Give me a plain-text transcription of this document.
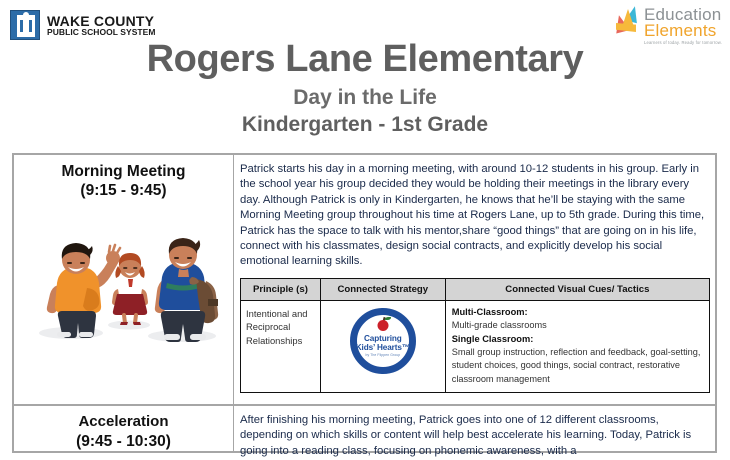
WAKE COUNTY
PUBLIC SCHOOL SYSTEM
Education
Elements
Learners of today. Ready for tomorrow.
Rogers Lane Elementary
Day in the Life
Kindergarten - 1st Grade
Morning Meeting
(9:15 - 9:45)
Patrick starts his day in a morning meeting, with around 10-12 students in his group. Early in the school year his group decided they would be holding their meetings in the library every day. Although Patrick is only in Kindergarten, he knows that he’ll be staying with the same Morning Meeting group throughout his time at Rogers Lane, up to 5th grade. During this time, Patrick has the space to talk with his mentor,share “good things” that are going on in his life, connect with his classmates, design social contracts, and explicitly develop his social emotional learning skills.
Principle (s)	Connected Strategy	Connected Visual Cues/ Tactics
Intentional and Reciprocal Relationships	Capturing
Kids’ Hearts™
by The Flippen Group
	Multi-Classroom:
Multi-grade classrooms
Single Classroom:
Small group instruction, reflection and feedback, goal-setting, student choices, good things, social contract, restorative classroom management
Acceleration
(9:45 - 10:30)
After finishing his morning meeting, Patrick goes into one of 12 different classrooms, depending on which skills or content will help best accelerate his learning. Today, Patrick is going into a reading class, focusing on phonemic awareness, with a
